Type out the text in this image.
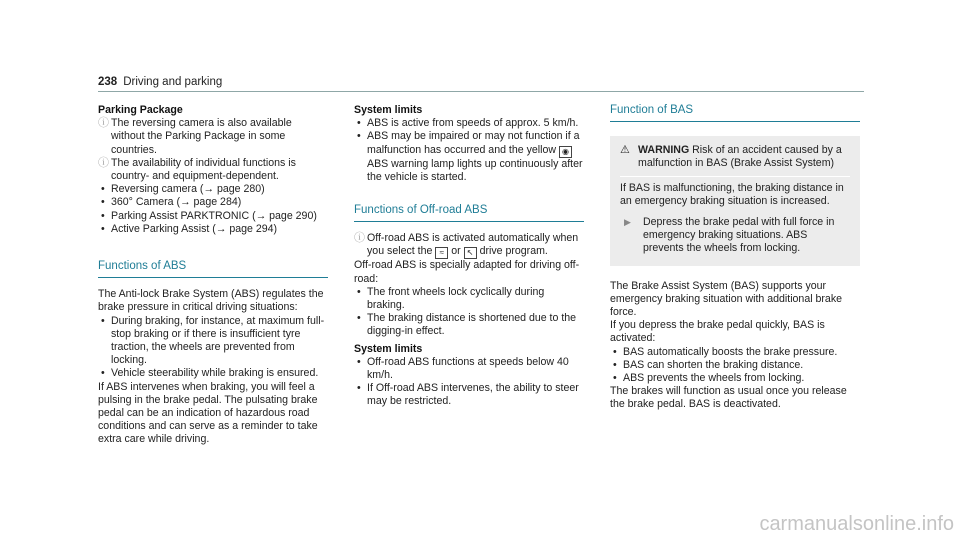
238 Driving and parking

Parking Package

ⓘ The reversing camera is also available without the Parking Package in some countries.
ⓘ The availability of individual functions is country- and equipment-dependent.
• Reversing camera (→ page 280)
• 360° Camera (→ page 284)
• Parking Assist PARKTRONIC (→ page 290)
• Active Parking Assist (→ page 294)
Functions of ABS

The Anti-lock Brake System (ABS) regulates the brake pressure in critical driving situations:

• During braking, for instance, at maximum full-stop braking or if there is insufficient tyre traction, the wheels are prevented from locking.
• Vehicle steerability while braking is ensured.

If ABS intervenes when braking, you will feel a pulsing in the brake pedal. The pulsating brake pedal can be an indication of hazardous road conditions and can serve as a reminder to take extra care while driving.

System limits

• ABS is active from speeds of approx. 5 km/h.
• ABS may be impaired or may not function if a malfunction has occurred and the yellow ◉ ABS warning lamp lights up continuously after the vehicle is started.
Functions of Off-road ABS
ⓘ Off-road ABS is activated automatically when you select the ≈ or ↖ drive program.

Off-road ABS is specially adapted for driving off-road:

• The front wheels lock cyclically during braking.
• The braking distance is shortened due to the digging-in effect.

System limits

• Off-road ABS functions at speeds below 40 km/h.
• If Off-road ABS intervenes, the ability to steer may be restricted.
Function of BAS
⚠ WARNING Risk of an accident caused by a malfunction in BAS (Brake Assist System)

If BAS is malfunctioning, the braking distance in an emergency braking situation is increased.

▶	Depress the brake pedal with full force in emergency braking situations. ABS prevents the wheels from locking.

The Brake Assist System (BAS) supports your emergency braking situation with additional brake force.

If you depress the brake pedal quickly, BAS is activated:

• BAS automatically boosts the brake pressure.
• BAS can shorten the braking distance.
• ABS prevents the wheels from locking.

The brakes will function as usual once you release the brake pedal. BAS is deactivated.

carmanualsonline.info
